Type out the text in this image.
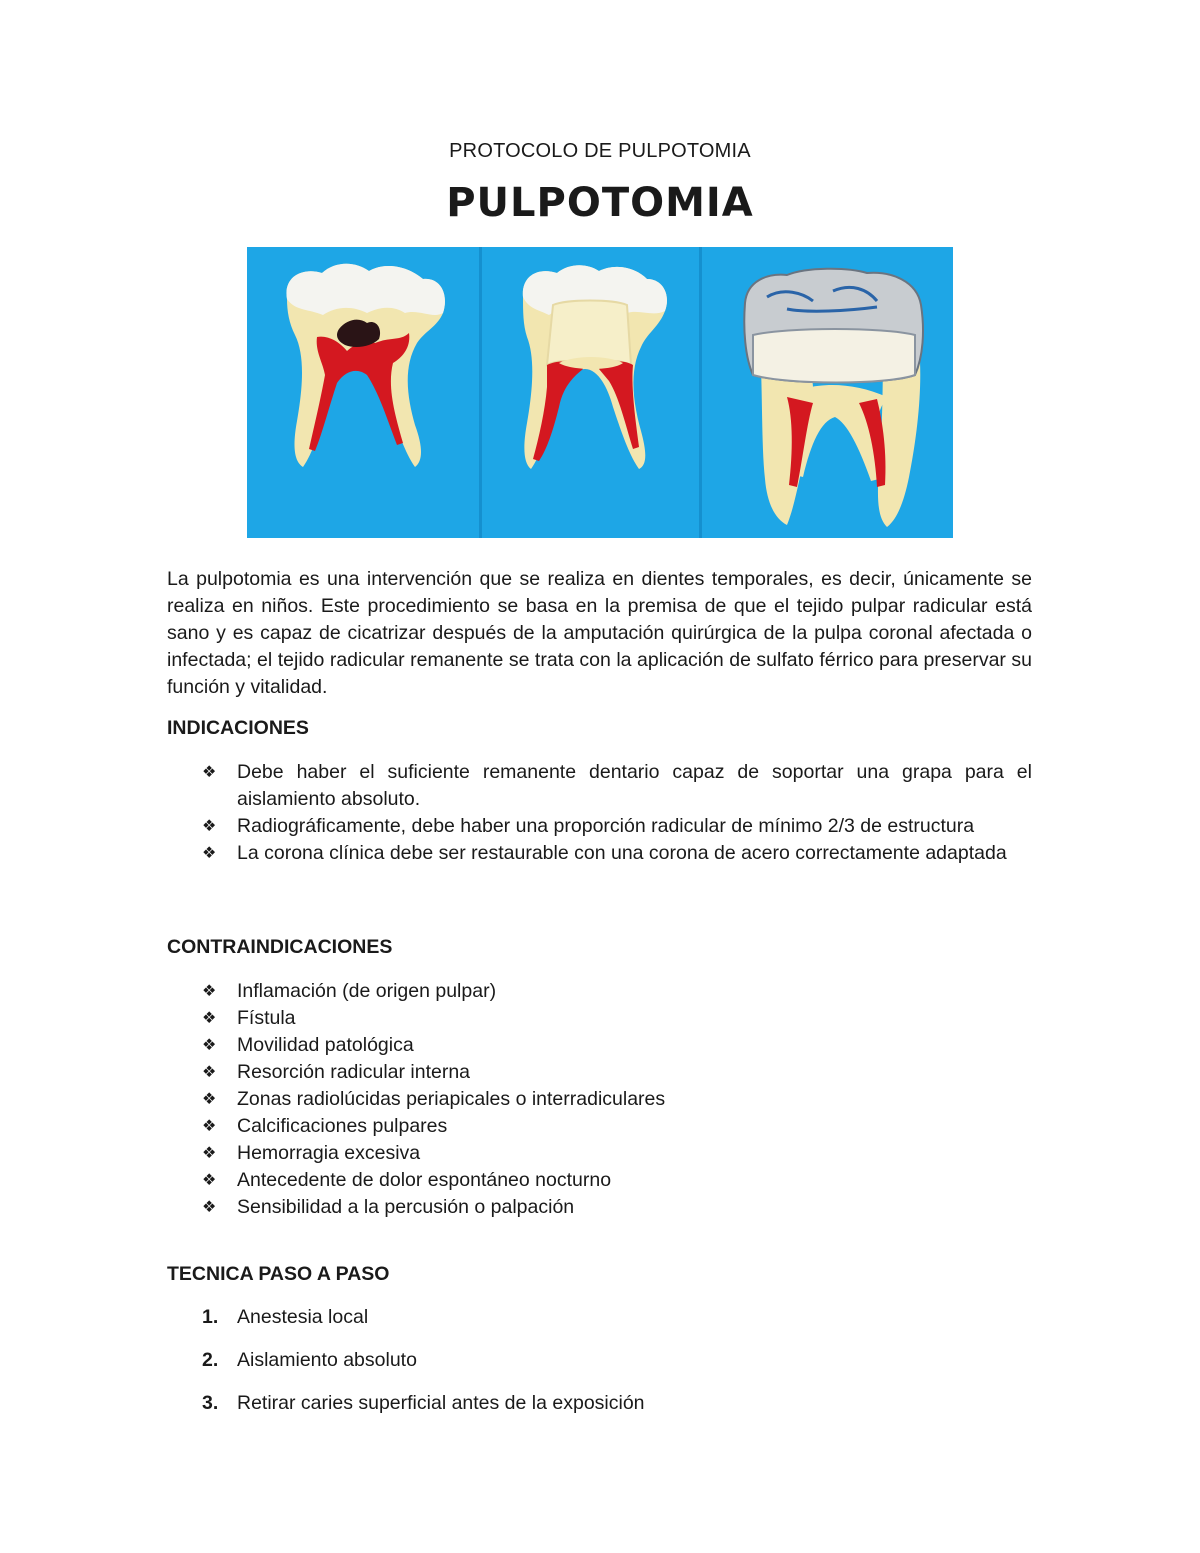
PROTOCOLO DE PULPOTOMIA
PULPOTOMIA

La pulpotomia es una intervención que se realiza en dientes temporales, es decir, únicamente se realiza en niños. Este procedimiento se basa en la premisa de que el tejido pulpar radicular está sano y es capaz de cicatrizar después de la amputación quirúrgica de la pulpa coronal afectada o infectada; el tejido radicular remanente se trata con la aplicación de sulfato férrico para preservar su función y vitalidad.

INDICACIONES
❖ Debe haber el suficiente remanente dentario capaz de soportar una grapa para el aislamiento absoluto.
❖ Radiográficamente, debe haber una proporción radicular de mínimo 2/3 de estructura
❖ La corona clínica debe ser restaurable con una corona de acero correctamente adaptada
CONTRAINDICACIONES
❖ Inflamación (de origen pulpar)
❖ Fístula
❖ Movilidad patológica
❖ Resorción radicular interna
❖ Zonas radiolúcidas periapicales o interradiculares
❖ Calcificaciones pulpares
❖ Hemorragia excesiva
❖ Antecedente de dolor espontáneo nocturno
❖ Sensibilidad a la percusión o palpación
TECNICA PASO A PASO
1. Anestesia local
2. Aislamiento absoluto
3. Retirar caries superficial antes de la exposición
